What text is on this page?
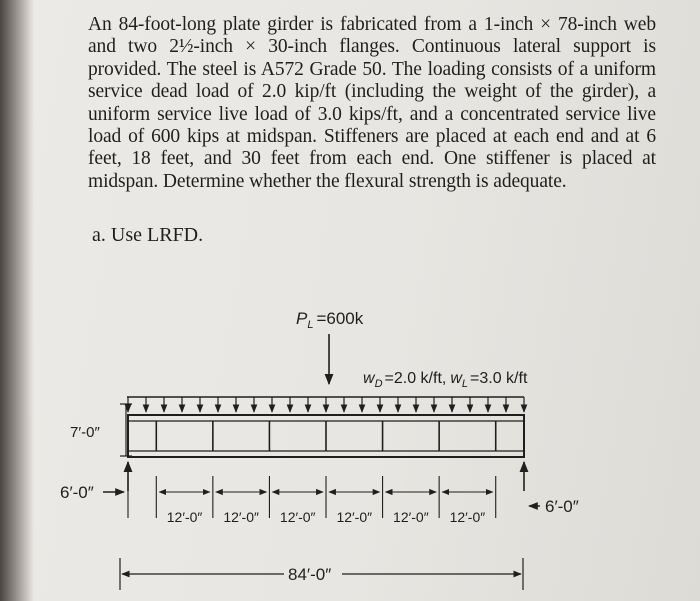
An 84-foot-long plate girder is fabricated from a 1-inch × 78-inch web and two 2½-inch × 30-inch flanges. Continuous lateral support is provided. The steel is A572 Grade 50. The loading consists of a uniform service dead load of 2.0 kip/ft (including the weight of the girder), a uniform service live load of 3.0 kips/ft, and a concentrated service live load of 600 kips at midspan. Stiffeners are placed at each end and at 6 feet, 18 feet, and 30 feet from each end. One stiffener is placed at midspan. Determine whether the flexural strength is adequate.

a. Use LRFD.
$P_L =600k$
$w_D =2.0$ k/ft, $w_L =3.0$ k/ft
7′-0″
6′-0″
6′-0″
12′-0″ 12′-0″ 12′-0″ 12′-0″ 12′-0″ 12′-0″
84′-0″
